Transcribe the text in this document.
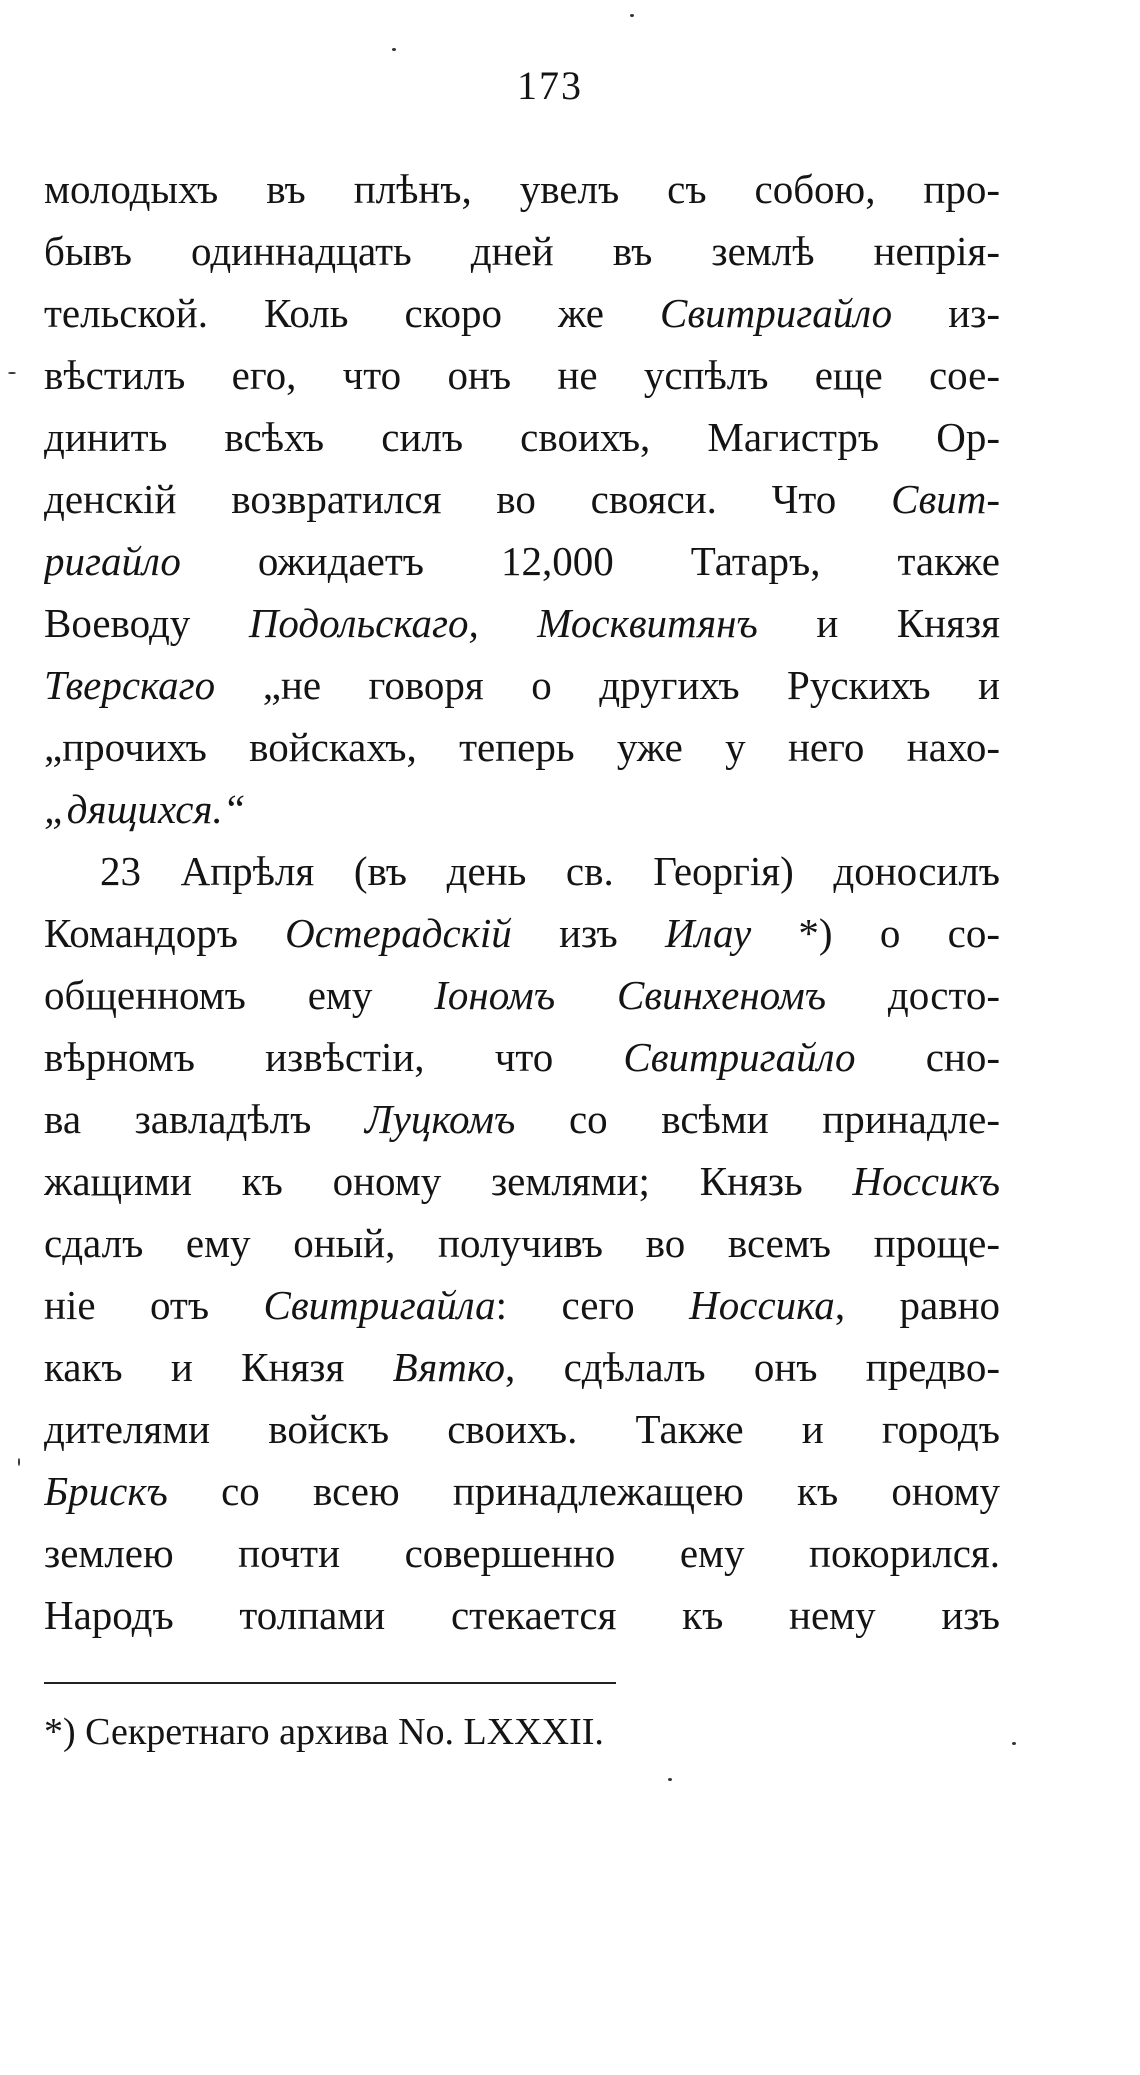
173
молодыхъ въ плѣнъ, увелъ съ собою, про-
бывъ одиннадцать дней въ землѣ непрія-
тельской. Коль скоро же Свитригайло из-
вѣстилъ его, что онъ не успѣлъ еще сое-
динить всѣхъ силъ своихъ, Магистръ Ор-
денскій возвратился во свояси. Что Свит-
ригайло ожидаетъ 12,000 Татаръ, также
Воеводу Подольскаго, Москвитянъ и Князя
Тверскаго „не говоря о другихъ Рускихъ и
„прочихъ войскахъ, теперь уже у него нахо-
„дящихся.“
23 Апрѣля (въ день св. Георгія) доносилъ
Командоръ Остерадскій изъ Илау *) о со-
общенномъ ему Іономъ Свинхеномъ досто-
вѣрномъ извѣстіи, что Свитригайло сно-
ва завладѣлъ Луцкомъ со всѣми принадле-
жащими къ оному землями; Князь Носсикъ
сдалъ ему оный, получивъ во всемъ проще-
ніе отъ Свитригайла: сего Носсика, равно
какъ и Князя Вятко, сдѣлалъ онъ предво-
дителями войскъ своихъ. Также и городъ
Брискъ со всею принадлежащею къ оному
землею почти совершенно ему покорился.
Народъ толпами стекается къ нему изъ
*) Секретнаго архива No. LXXXII.
